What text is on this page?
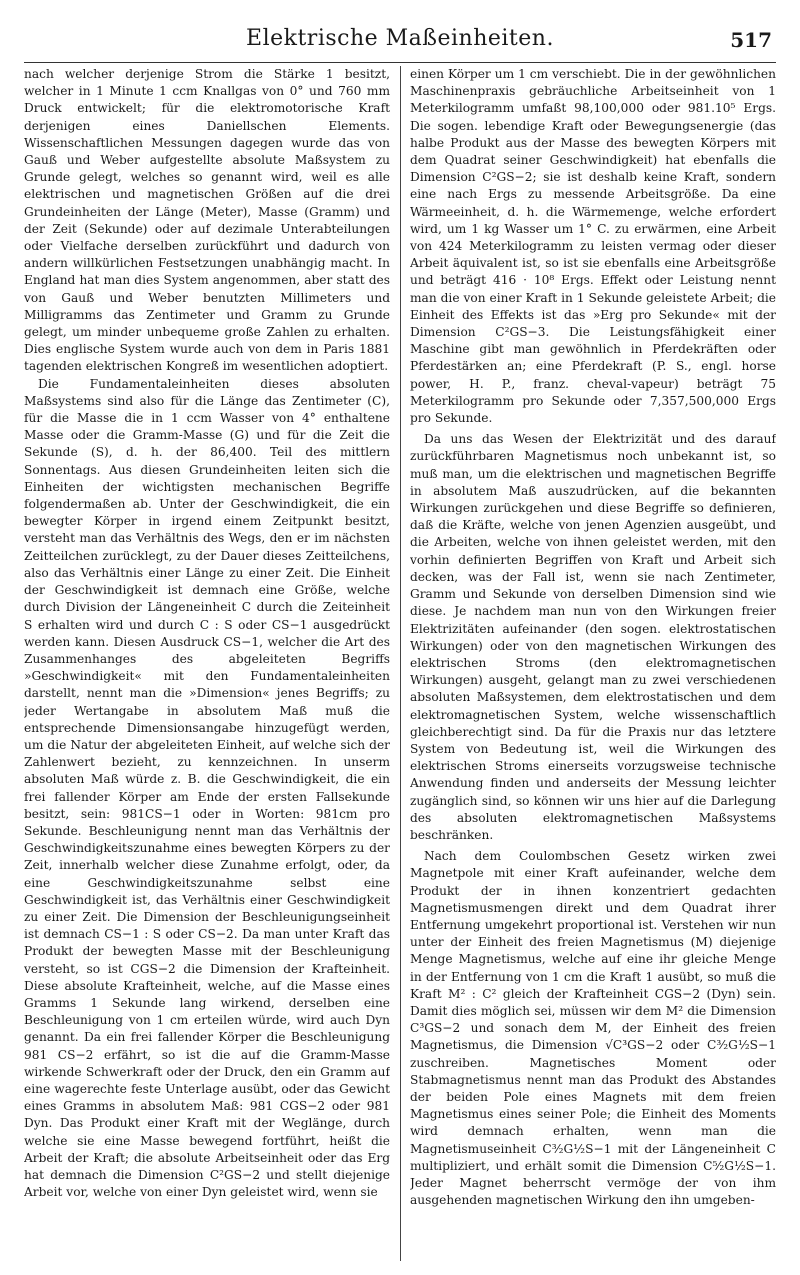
Elektrische Maßeinheiten.	517

nach welcher derjenige Strom die Stärke 1 besitzt, welcher in 1 Minute 1 ccm Knallgas von 0° und 760 mm Druck entwickelt; für die elektromotorische Kraft derjenigen eines Daniellschen Elements. Wissenschaftlichen Messungen dagegen wurde das von Gauß und Weber aufgestellte absolute Maßsystem zu Grunde gelegt, welches so genannt wird, weil es alle elektrischen und magnetischen Größen auf die drei Grundeinheiten der Länge (Meter), Masse (Gramm) und der Zeit (Sekunde) oder auf dezimale Unterabteilungen oder Vielfache derselben zurückführt und dadurch von andern willkürlichen Festsetzungen unabhängig macht. In England hat man dies System angenommen, aber statt des von Gauß und Weber benutzten Millimeters und Milligramms das Zentimeter und Gramm zu Grunde gelegt, um minder unbequeme große Zahlen zu erhalten. Dies englische System wurde auch von dem in Paris 1881 tagenden elektrischen Kongreß im wesentlichen adoptiert.

Die Fundamentaleinheiten dieses absoluten Maßsystems sind also für die Länge das Zentimeter (C), für die Masse die in 1 ccm Wasser von 4° enthaltene Masse oder die Gramm-Masse (G) und für die Zeit die Sekunde (S), d. h. der 86,400. Teil des mittlern Sonnentags. Aus diesen Grundeinheiten leiten sich die Einheiten der wichtigsten mechanischen Begriffe folgendermaßen ab. Unter der Geschwindigkeit, die ein bewegter Körper in irgend einem Zeitpunkt besitzt, versteht man das Verhältnis des Wegs, den er im nächsten Zeitteilchen zurücklegt, zu der Dauer dieses Zeitteilchens, also das Verhältnis einer Länge zu einer Zeit. Die Einheit der Geschwindigkeit ist demnach eine Größe, welche durch Division der Längeneinheit C durch die Zeiteinheit S erhalten wird und durch C : S oder CS−1 ausgedrückt werden kann. Diesen Ausdruck CS−1, welcher die Art des Zusammenhanges des abgeleiteten Begriffs »Geschwindigkeit« mit den Fundamentaleinheiten darstellt, nennt man die »Dimension« jenes Begriffs; zu jeder Wertangabe in absolutem Maß muß die entsprechende Dimensionsangabe hinzugefügt werden, um die Natur der abgeleiteten Einheit, auf welche sich der Zahlenwert bezieht, zu kennzeichnen. In unserm absoluten Maß würde z. B. die Geschwindigkeit, die ein frei fallender Körper am Ende der ersten Fallsekunde besitzt, sein: 981CS−1 oder in Worten: 981cm pro Sekunde. Beschleunigung nennt man das Verhältnis der Geschwindigkeitszunahme eines bewegten Körpers zu der Zeit, innerhalb welcher diese Zunahme erfolgt, oder, da eine Geschwindigkeitszunahme selbst eine Geschwindigkeit ist, das Verhältnis einer Geschwindigkeit zu einer Zeit. Die Dimension der Beschleunigungseinheit ist demnach CS−1 : S oder CS−2. Da man unter Kraft das Produkt der bewegten Masse mit der Beschleunigung versteht, so ist CGS−2 die Dimension der Krafteinheit. Diese absolute Krafteinheit, welche, auf die Masse eines Gramms 1 Sekunde lang wirkend, derselben eine Beschleunigung von 1 cm erteilen würde, wird auch Dyn genannt. Da ein frei fallender Körper die Beschleunigung 981 CS−2 erfährt, so ist die auf die Gramm-Masse wirkende Schwerkraft oder der Druck, den ein Gramm auf eine wagerechte feste Unterlage ausübt, oder das Gewicht eines Gramms in absolutem Maß: 981 CGS−2 oder 981 Dyn. Das Produkt einer Kraft mit der Weglänge, durch welche sie eine Masse bewegend fortführt, heißt die Arbeit der Kraft; die absolute Arbeitseinheit oder das Erg hat demnach die Dimension C²GS−2 und stellt diejenige Arbeit vor, welche von einer Dyn geleistet wird, wenn sie

einen Körper um 1 cm verschiebt. Die in der gewöhnlichen Maschinenpraxis gebräuchliche Arbeitseinheit von 1 Meterkilogramm umfaßt 98,100,000 oder 981.10⁵ Ergs. Die sogen. lebendige Kraft oder Bewegungsenergie (das halbe Produkt aus der Masse des bewegten Körpers mit dem Quadrat seiner Geschwindigkeit) hat ebenfalls die Dimension C²GS−2; sie ist deshalb keine Kraft, sondern eine nach Ergs zu messende Arbeitsgröße. Da eine Wärmeeinheit, d. h. die Wärmemenge, welche erfordert wird, um 1 kg Wasser um 1° C. zu erwärmen, eine Arbeit von 424 Meterkilogramm zu leisten vermag oder dieser Arbeit äquivalent ist, so ist sie ebenfalls eine Arbeitsgröße und beträgt 416 · 10⁸ Ergs. Effekt oder Leistung nennt man die von einer Kraft in 1 Sekunde geleistete Arbeit; die Einheit des Effekts ist das »Erg pro Sekunde« mit der Dimension C²GS−3. Die Leistungsfähigkeit einer Maschine gibt man gewöhnlich in Pferdekräften oder Pferdestärken an; eine Pferdekraft (P. S., engl. horse power, H. P., franz. cheval-vapeur) beträgt 75 Meterkilogramm pro Sekunde oder 7,357,500,000 Ergs pro Sekunde.

Da uns das Wesen der Elektrizität und des darauf zurückführbaren Magnetismus noch unbekannt ist, so muß man, um die elektrischen und magnetischen Begriffe in absolutem Maß auszudrücken, auf die bekannten Wirkungen zurückgehen und diese Begriffe so definieren, daß die Kräfte, welche von jenen Agenzien ausgeübt, und die Arbeiten, welche von ihnen geleistet werden, mit den vorhin definierten Begriffen von Kraft und Arbeit sich decken, was der Fall ist, wenn sie nach Zentimeter, Gramm und Sekunde von derselben Dimension sind wie diese. Je nachdem man nun von den Wirkungen freier Elektrizitäten aufeinander (den sogen. elektrostatischen Wirkungen) oder von den magnetischen Wirkungen des elektrischen Stroms (den elektromagnetischen Wirkungen) ausgeht, gelangt man zu zwei verschiedenen absoluten Maßsystemen, dem elektrostatischen und dem elektromagnetischen System, welche wissenschaftlich gleichberechtigt sind. Da für die Praxis nur das letztere System von Bedeutung ist, weil die Wirkungen des elektrischen Stroms einerseits vorzugsweise technische Anwendung finden und anderseits der Messung leichter zugänglich sind, so können wir uns hier auf die Darlegung des absoluten elektromagnetischen Maßsystems beschränken.

Nach dem Coulombschen Gesetz wirken zwei Magnetpole mit einer Kraft aufeinander, welche dem Produkt der in ihnen konzentriert gedachten Magnetismusmengen direkt und dem Quadrat ihrer Entfernung umgekehrt proportional ist. Verstehen wir nun unter der Einheit des freien Magnetismus (M) diejenige Menge Magnetismus, welche auf eine ihr gleiche Menge in der Entfernung von 1 cm die Kraft 1 ausübt, so muß die Kraft M² : C² gleich der Krafteinheit CGS−2 (Dyn) sein. Damit dies möglich sei, müssen wir dem M² die Dimension C³GS−2 und sonach dem M, der Einheit des freien Magnetismus, die Dimension √C³GS−2 oder C³⁄₂G½S−1 zuschreiben. Magnetisches Moment oder Stabmagnetismus nennt man das Produkt des Abstandes der beiden Pole eines Magnets mit dem freien Magnetismus eines seiner Pole; die Einheit des Moments wird demnach erhalten, wenn man die Magnetismuseinheit C³⁄₂G½S−1 mit der Längeneinheit C multipliziert, und erhält somit die Dimension C⁵⁄₂G½S−1. Jeder Magnet beherrscht vermöge der von ihm ausgehenden magnetischen Wirkung den ihn umgeben-
